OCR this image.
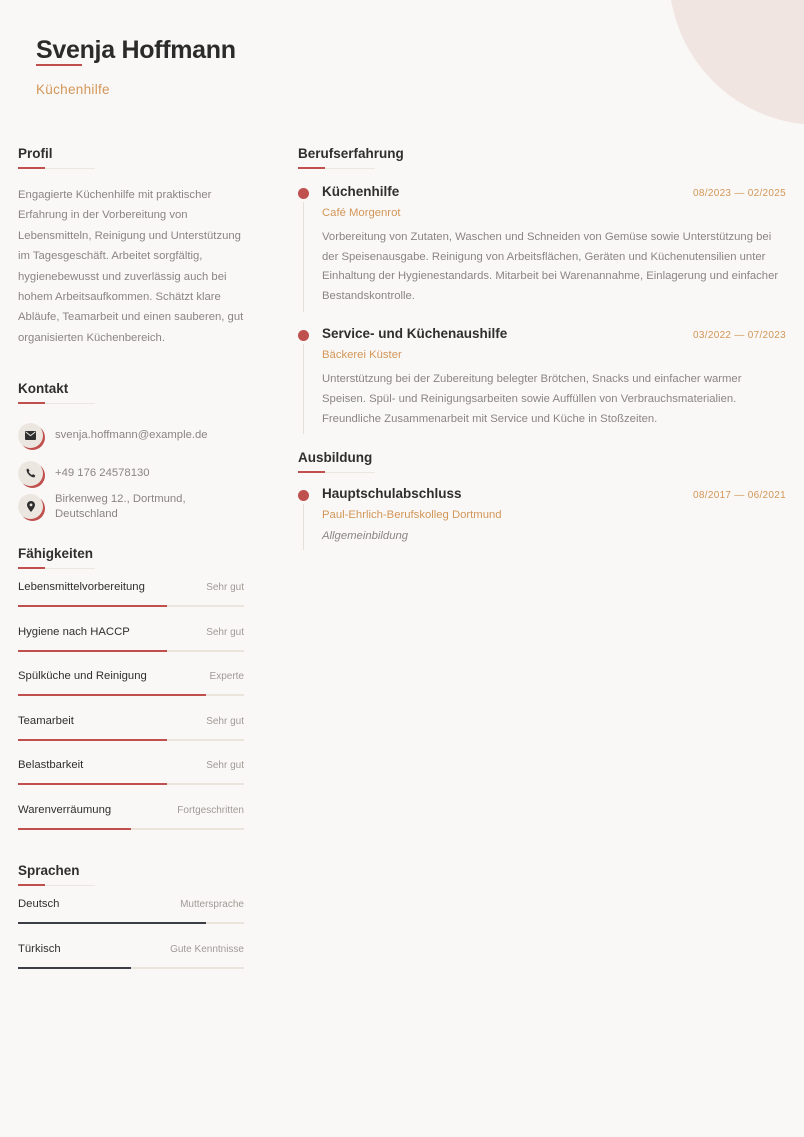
Svenja Hoffmann
Küchenhilfe
Profil
Engagierte Küchenhilfe mit praktischer Erfahrung in der Vorbereitung von Lebensmitteln, Reinigung und Unterstützung im Tagesgeschäft. Arbeitet sorgfältig, hygienebewusst und zuverlässig auch bei hohem Arbeitsaufkommen. Schätzt klare Abläufe, Teamarbeit und einen sauberen, gut organisierten Küchenbereich.
Kontakt
svenja.hoffmann@example.de
+49 176 24578130
Birkenweg 12., Dortmund,
Deutschland
Fähigkeiten
Lebensmittelvorbereitung	Sehr gut
Hygiene nach HACCP	Sehr gut
Spülküche und Reinigung	Experte
Teamarbeit	Sehr gut
Belastbarkeit	Sehr gut
Warenverräumung	Fortgeschritten
Sprachen
Deutsch	Muttersprache
Türkisch	Gute Kenntnisse
Berufserfahrung
Küchenhilfe	08/2023 — 02/2025
Café Morgenrot
Vorbereitung von Zutaten, Waschen und Schneiden von Gemüse sowie Unterstützung bei der Speisenausgabe. Reinigung von Arbeitsflächen, Geräten und Küchenutensilien unter Einhaltung der Hygienestandards. Mitarbeit bei Warenannahme, Einlagerung und einfacher Bestandskontrolle.
Service- und Küchenaushilfe	03/2022 — 07/2023
Bäckerei Küster
Unterstützung bei der Zubereitung belegter Brötchen, Snacks und einfacher warmer Speisen. Spül- und Reinigungsarbeiten sowie Auffüllen von Verbrauchsmaterialien. Freundliche Zusammenarbeit mit Service und Küche in Stoßzeiten.
Ausbildung
Hauptschulabschluss	08/2017 — 06/2021
Paul-Ehrlich-Berufskolleg Dortmund
Allgemeinbildung
